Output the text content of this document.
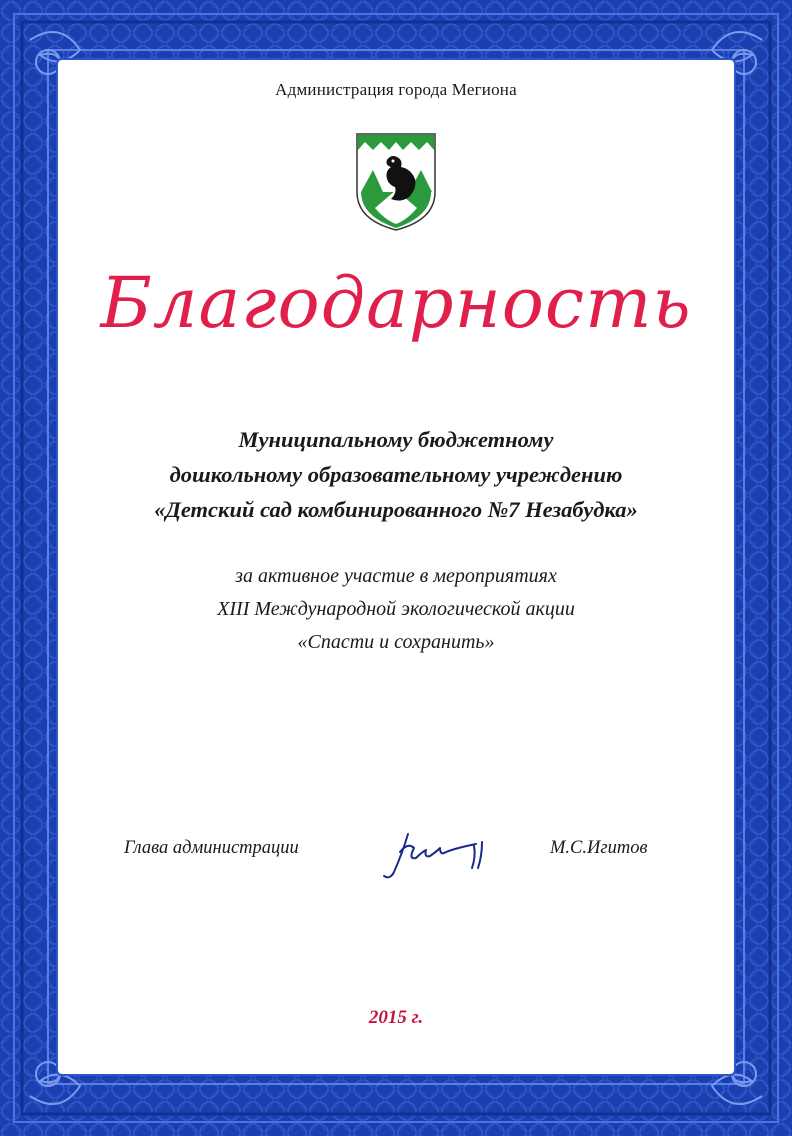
Администрация города Мегиона
Благодарность
Муниципальному бюджетному
дошкольному образовательному учреждению
«Детский сад комбинированного №7 Незабудка»
за активное участие в мероприятиях
XIII Международной экологической акции
«Спасти и сохранить»
Глава администрации	М.С.Игитов
2015 г.
